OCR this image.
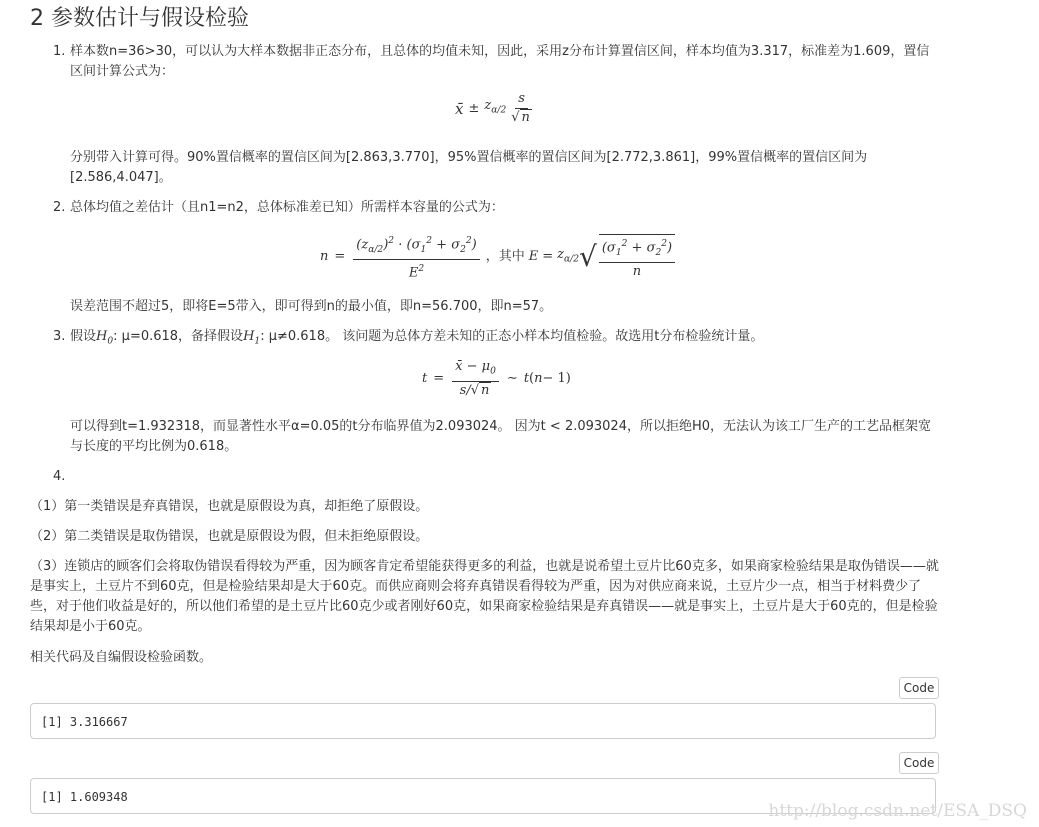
2 参数估计与假设检验
1. 样本数n=36>30，可以认为大样本数据非正态分布，且总体的均值未知，因此，采用z分布计算置信区间，样本均值为3.317，标准差为1.609，置信区间计算公式为：
x̄ ± $z_{\alpha/2} \frac{s}{√ n}$
分别带入计算可得。90%置信概率的置信区间为[2.863,3.770]，95%置信概率的置信区间为[2.772,3.861]，99%置信概率的置信区间为[2.586,4.047]。
2. 总体均值之差估计（且n1=n2，总体标准差已知）所需样本容量的公式为：
$n = \frac{(z_{\alpha/2})^2 \cdot (\sigma_1^2 + \sigma_2^2)}{E^2}$ ，其中 $E = z_{\alpha/2}$ √ $\frac{(\sigma_1^2 + \sigma_2^2)}{n}$
误差范围不超过5，即将E=5带入，即可得到n的最小值，即n=56.700，即n=57。
3. 假设$H_0$: μ=0.618，备择假设$H_1$: μ≠0.618。 该问题为总体方差未知的正态小样本均值检验。故选用t分布检验统计量。
$t = \frac{x̄ - \mu_0}{s/√ n}$ ∼ t ( n − 1)
可以得到t=1.932318，而显著性水平α=0.05的t分布临界值为2.093024。 因为t < 2.093024，所以拒绝H0，无法认为该工厂生产的工艺品框架宽与长度的平均比例为0.618。
4.
（1）第一类错误是弃真错误，也就是原假设为真，却拒绝了原假设。
（2）第二类错误是取伪错误，也就是原假设为假，但未拒绝原假设。
（3）连锁店的顾客们会将取伪错误看得较为严重，因为顾客肯定希望能获得更多的利益，也就是说希望土豆片比60克多，如果商家检验结果是取伪错误——就是事实上，土豆片不到60克，但是检验结果却是大于60克。而供应商则会将弃真错误看得较为严重，因为对供应商来说，土豆片少一点，相当于材料费少了些，对于他们收益是好的，所以他们希望的是土豆片比60克少或者刚好60克，如果商家检验结果是弃真错误——就是事实上，土豆片是大于60克的，但是检验结果却是小于60克。
相关代码及自编假设检验函数。
Code
[1] 3.316667
Code
[1] 1.609348
http://blog.csdn.net/ESA_DSQ
